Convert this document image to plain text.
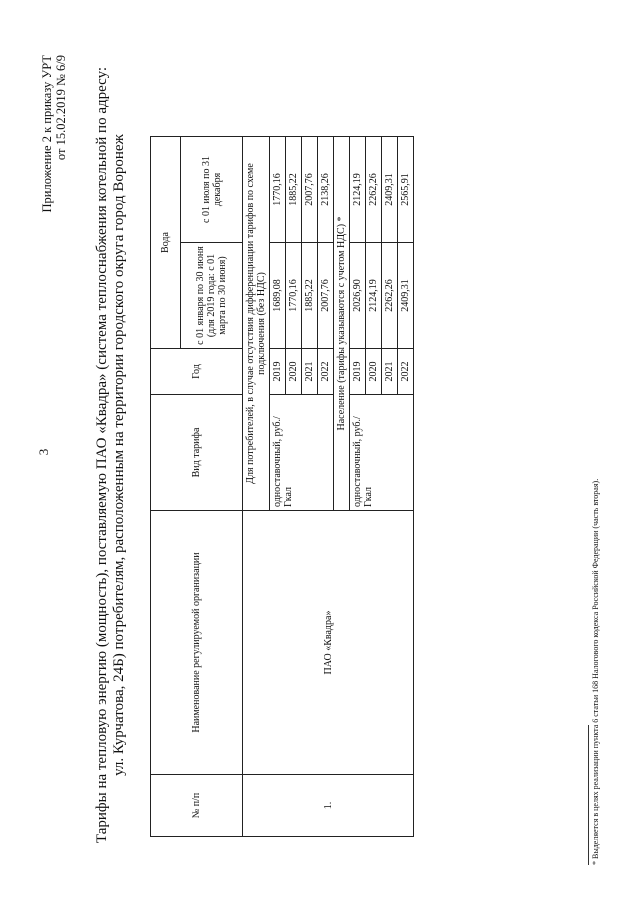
3
Приложение 2 к приказу УРТ от 15.02.2019 № 6/9 Тарифы на тепловую энергию (мощность), поставляемую ПАО «Квадра» (система теплоснабжения котельной по адресу: ул. Курчатова, 24Б) потребителям, расположенным на территории городского округа город Воронеж
№ п/п	Наименование регулируемой организации	Вид тарифа	Год	Вода	
				с 01 января по 30 июня (для 2019 года: с 01 марта по 30 июня)	с 01 июля по 31 декабря
1.	ПАО «Квадра»	Для потребителей, в случае отсутствия дифференциации тарифов по схеме подключения (без НДС)			
		одноставочный, руб./Гкал	2019	1689,08	1770,16
			2020	1770,16	1885,22
			2021	1885,22	2007,76
			2022	2007,76	2138,26
		Население (тарифы указываются с учетом НДС) *			
		одноставочный, руб./Гкал	2019	2026,90	2124,19
			2020	2124,19	2262,26
			2021	2262,26	2409,31
			2022	2409,31	2565,91
* Выделяется в целях реализации пункта 6 статьи 168 Налогового кодекса Российской Федерации (часть вторая).
